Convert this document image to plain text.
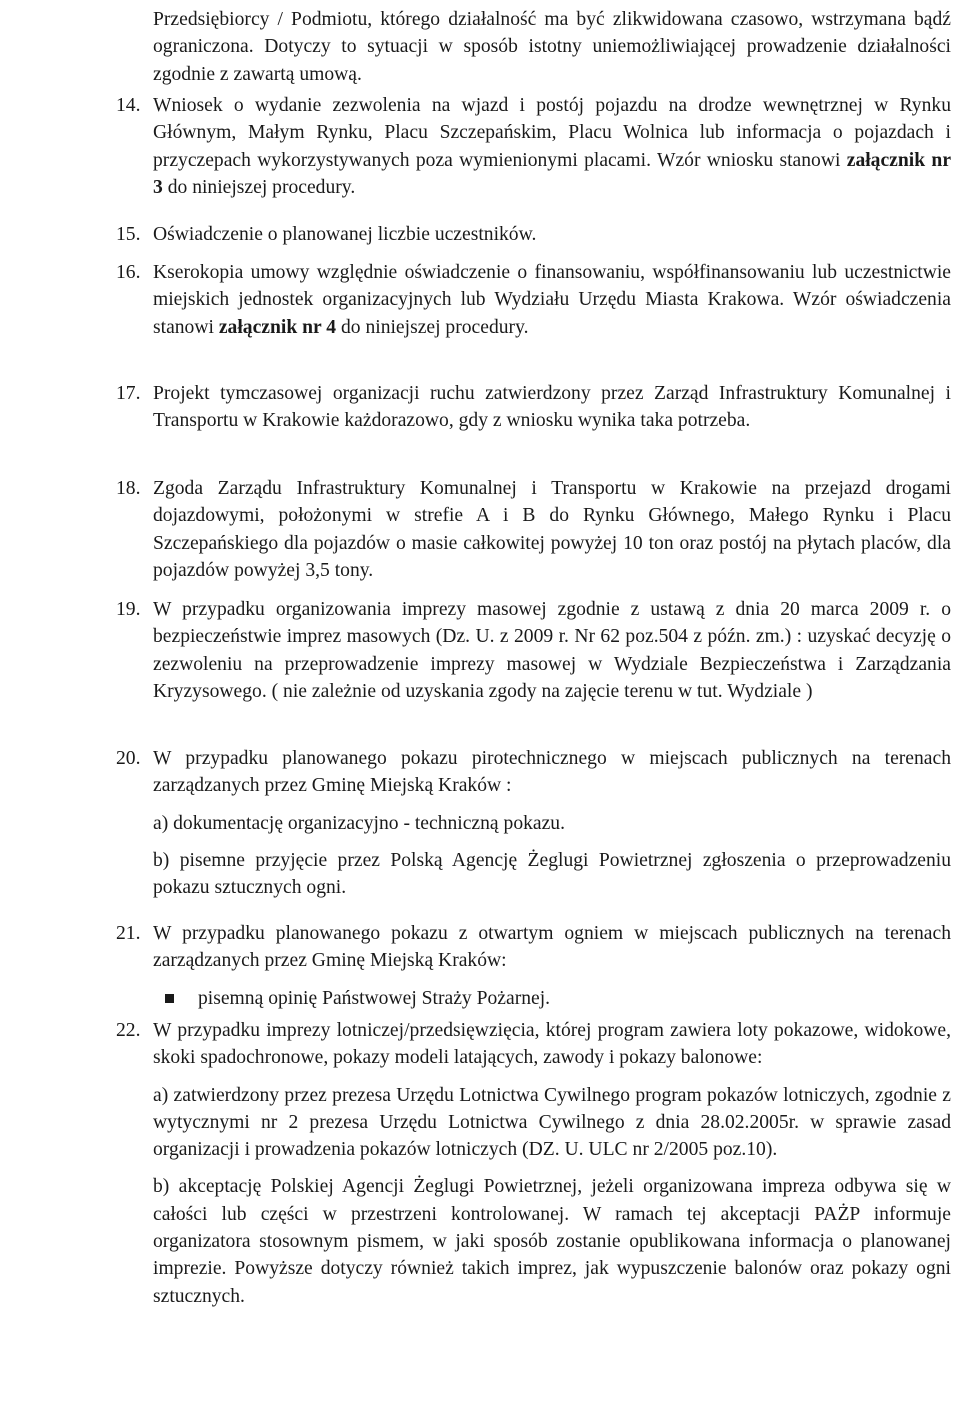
Przedsiębiorcy / Podmiotu, którego działalność ma być zlikwidowana czasowo, wstrzymana bądź ograniczona. Dotyczy to sytuacji w sposób istotny uniemożliwiającej prowadzenie działalności zgodnie z zawartą umową.
14. Wniosek o wydanie zezwolenia na wjazd i postój pojazdu na drodze wewnętrznej w Rynku Głównym, Małym Rynku, Placu Szczepańskim, Placu Wolnica lub informacja o pojazdach i przyczepach wykorzystywanych poza wymienionymi placami. Wzór wniosku stanowi załącznik nr 3 do niniejszej procedury.
15. Oświadczenie o planowanej liczbie uczestników.
16. Kserokopia umowy względnie oświadczenie o finansowaniu, współfinansowaniu lub uczestnictwie miejskich jednostek organizacyjnych lub Wydziału Urzędu Miasta Krakowa. Wzór oświadczenia stanowi załącznik nr 4 do niniejszej procedury.
17. Projekt tymczasowej organizacji ruchu zatwierdzony przez Zarząd Infrastruktury Komunalnej i Transportu w Krakowie każdorazowo, gdy z wniosku wynika taka potrzeba.
18. Zgoda Zarządu Infrastruktury Komunalnej i Transportu w Krakowie na przejazd drogami dojazdowymi, położonymi w strefie A i B do Rynku Głównego, Małego Rynku i Placu Szczepańskiego dla pojazdów o masie całkowitej powyżej 10 ton oraz postój na płytach placów, dla pojazdów powyżej 3,5 tony.
19. W przypadku organizowania imprezy masowej zgodnie z ustawą z dnia 20 marca 2009 r. o bezpieczeństwie imprez masowych (Dz. U. z 2009 r. Nr 62 poz.504 z późn. zm.) : uzyskać decyzję o zezwoleniu na przeprowadzenie imprezy masowej w Wydziale Bezpieczeństwa i Zarządzania Kryzysowego. ( nie zależnie od uzyskania zgody na zajęcie terenu w tut. Wydziale )
20. W przypadku planowanego pokazu pirotechnicznego w miejscach publicznych na terenach zarządzanych przez Gminę Miejską Kraków :
a) dokumentację organizacyjno - techniczną pokazu.
b) pisemne przyjęcie przez Polską Agencję Żeglugi Powietrznej zgłoszenia o przeprowadzeniu pokazu sztucznych ogni.
21. W przypadku planowanego pokazu z otwartym ogniem w miejscach publicznych na terenach zarządzanych przez Gminę Miejską Kraków:
pisemną opinię Państwowej Straży Pożarnej.
22. W przypadku imprezy lotniczej/przedsięwzięcia, której program zawiera loty pokazowe, widokowe, skoki spadochronowe, pokazy modeli latających, zawody i pokazy balonowe:
a) zatwierdzony przez prezesa Urzędu Lotnictwa Cywilnego program pokazów lotniczych, zgodnie z wytycznymi nr 2 prezesa Urzędu Lotnictwa Cywilnego z dnia 28.02.2005r. w sprawie zasad organizacji i prowadzenia pokazów lotniczych (DZ. U. ULC nr 2/2005 poz.10).
b) akceptację Polskiej Agencji Żeglugi Powietrznej, jeżeli organizowana impreza odbywa się w całości lub części w przestrzeni kontrolowanej. W ramach tej akceptacji PAŻP informuje organizatora stosownym pismem, w jaki sposób zostanie opublikowana informacja o planowanej imprezie. Powyższe dotyczy również takich imprez, jak wypuszczenie balonów oraz pokazy ogni sztucznych.
